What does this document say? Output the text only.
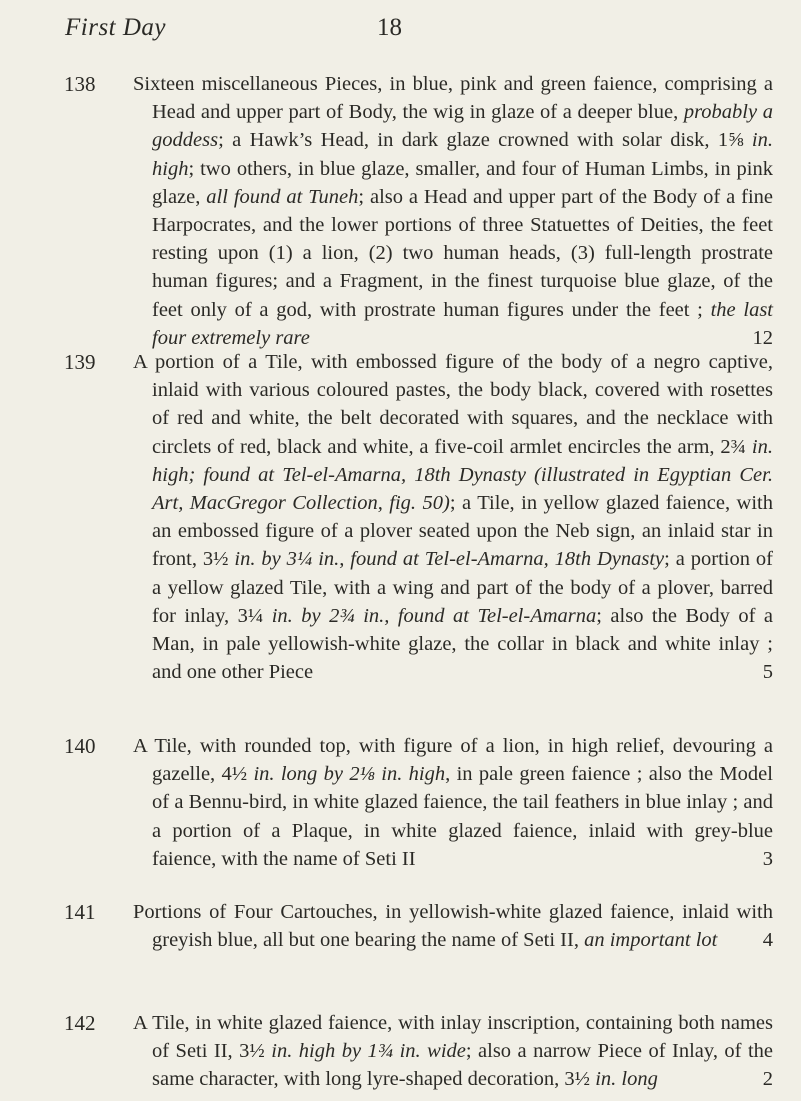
First Day	18
138 Sixteen miscellaneous Pieces, in blue, pink and green faience, comprising a Head and upper part of Body, the wig in glaze of a deeper blue, probably a goddess; a Hawk’s Head, in dark glaze crowned with solar disk, 1⅝ in. high; two others, in blue glaze, smaller, and four of Human Limbs, in pink glaze, all found at Tuneh; also a Head and upper part of the Body of a fine Harpocrates, and the lower portions of three Statuettes of Deities, the feet resting upon (1) a lion, (2) two human heads, (3) full-length prostrate human figures; and a Fragment, in the finest turquoise blue glaze, of the feet only of a god, with prostrate human figures under the feet ; the last four extremely rare	12
139 A portion of a Tile, with embossed figure of the body of a negro captive, inlaid with various coloured pastes, the body black, covered with rosettes of red and white, the belt decorated with squares, and the necklace with circlets of red, black and white, a five-coil armlet encircles the arm, 2¾ in. high; found at Tel-el-Amarna, 18th Dynasty (illustrated in Egyptian Cer. Art, MacGregor Collection, fig. 50); a Tile, in yellow glazed faience, with an embossed figure of a plover seated upon the Neb sign, an inlaid star in front, 3½ in. by 3¼ in., found at Tel-el-Amarna, 18th Dynasty; a portion of a yellow glazed Tile, with a wing and part of the body of a plover, barred for inlay, 3¼ in. by 2¾ in., found at Tel-el-Amarna; also the Body of a Man, in pale yellowish-white glaze, the collar in black and white inlay ; and one other Piece	5
140 A Tile, with rounded top, with figure of a lion, in high relief, devouring a gazelle, 4½ in. long by 2⅛ in. high, in pale green faience ; also the Model of a Bennu-bird, in white glazed faience, the tail feathers in blue inlay ; and a portion of a Plaque, in white glazed faience, inlaid with grey-blue faience, with the name of Seti II	3
141 Portions of Four Cartouches, in yellowish-white glazed faience, inlaid with greyish blue, all but one bearing the name of Seti II, an important lot 4
142 A Tile, in white glazed faience, with inlay inscription, containing both names of Seti II, 3½ in. high by 1¾ in. wide; also a narrow Piece of Inlay, of the same character, with long lyre-shaped decoration, 3½ in. long	2
